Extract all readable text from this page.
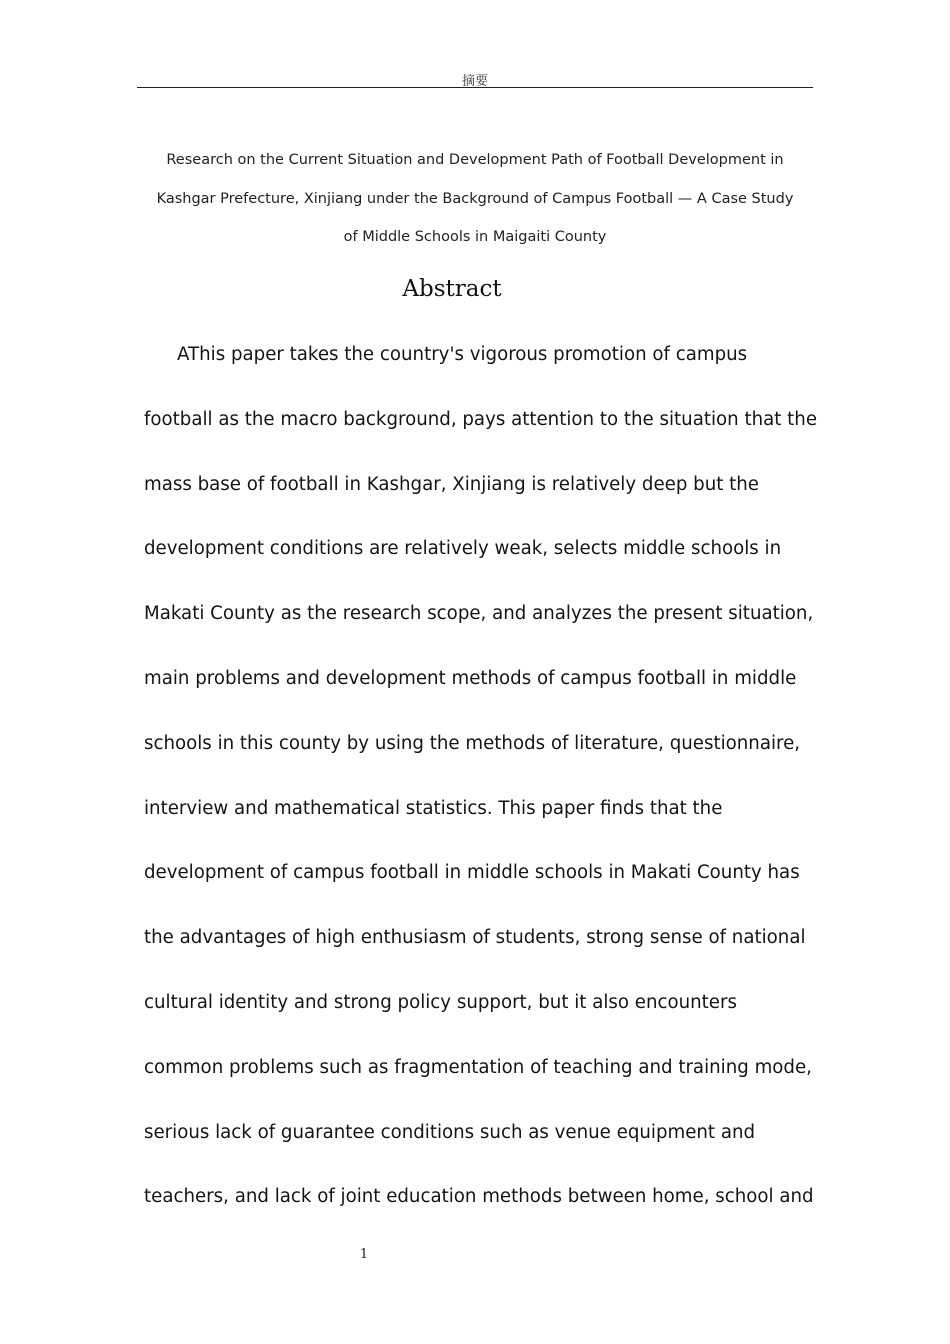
摘要
Research on the Current Situation and Development Path of Football Development in
Kashgar Prefecture, Xinjiang under the Background of Campus Football — A Case Study
of Middle Schools in Maigaiti County
Abstract
AThis paper takes the country's vigorous promotion of campus
football as the macro background, pays attention to the situation that the
mass base of football in Kashgar, Xinjiang is relatively deep but the
development conditions are relatively weak, selects middle schools in
Makati County as the research scope, and analyzes the present situation,
main problems and development methods of campus football in middle
schools in this county by using the methods of literature, questionnaire,
interview and mathematical statistics. This paper finds that the
development of campus football in middle schools in Makati County has
the advantages of high enthusiasm of students, strong sense of national
cultural identity and strong policy support, but it also encounters
common problems such as fragmentation of teaching and training mode,
serious lack of guarantee conditions such as venue equipment and
teachers, and lack of joint education methods between home, school and
1
